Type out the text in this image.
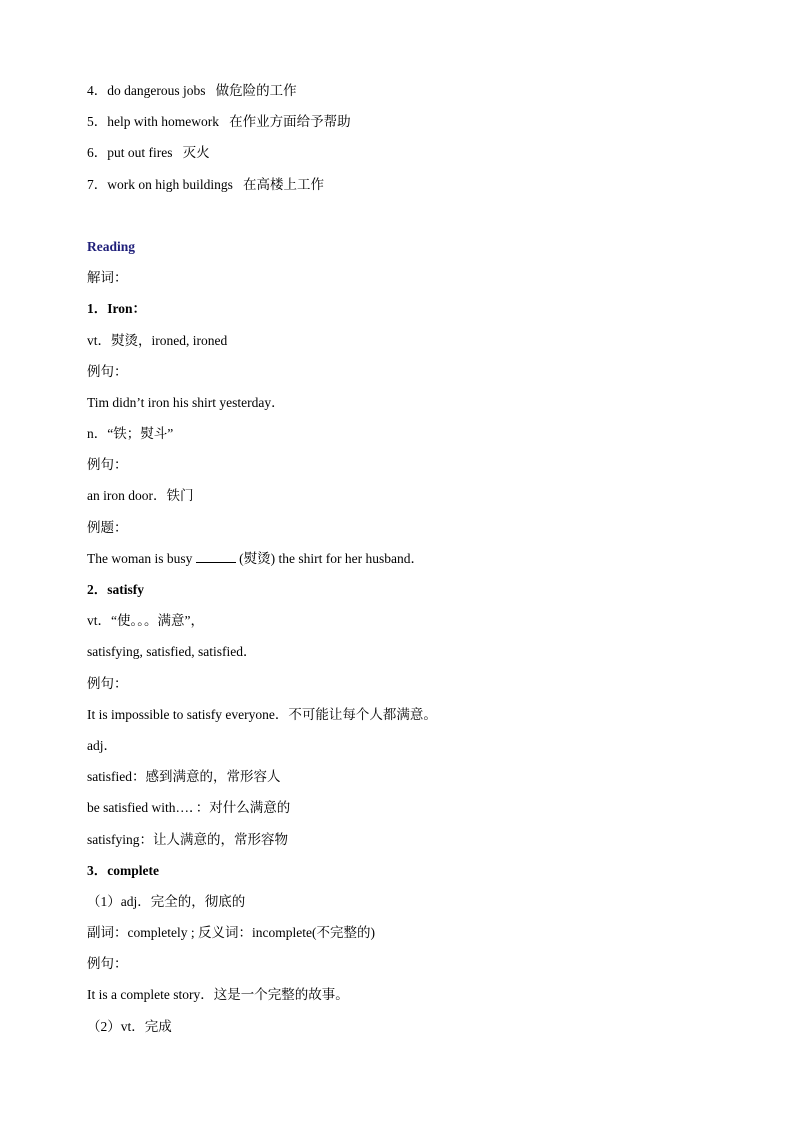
4．do dangerous jobs 做危险的工作
5．help with homework 在作业方面给予帮助
6．put out fires 灭火
7．work on high buildings 在高楼上工作
Reading
解词：
1．Iron：
vt．熨烫，ironed, ironed
例句：
Tim didn’t iron his shirt yesterday．
n．“铁；熨斗”
例句：
an iron door．铁门
例题：
The woman is busy	(熨烫) the shirt for her husband．
2．satisfy
vt．“使。。。满意”，
satisfying, satisfied, satisfied．
例句：
It is impossible to satisfy everyone．不可能让每个人都满意。
adj．
satisfied：感到满意的，常形容人
be satisfied with…．：对什么满意的
satisfying：让人满意的，常形容物
3．complete
（1）adj．完全的，彻底的
副词：completely ; 反义词：incomplete(不完整的)
例句：
It is a complete story．这是一个完整的故事。
（2）vt．完成
